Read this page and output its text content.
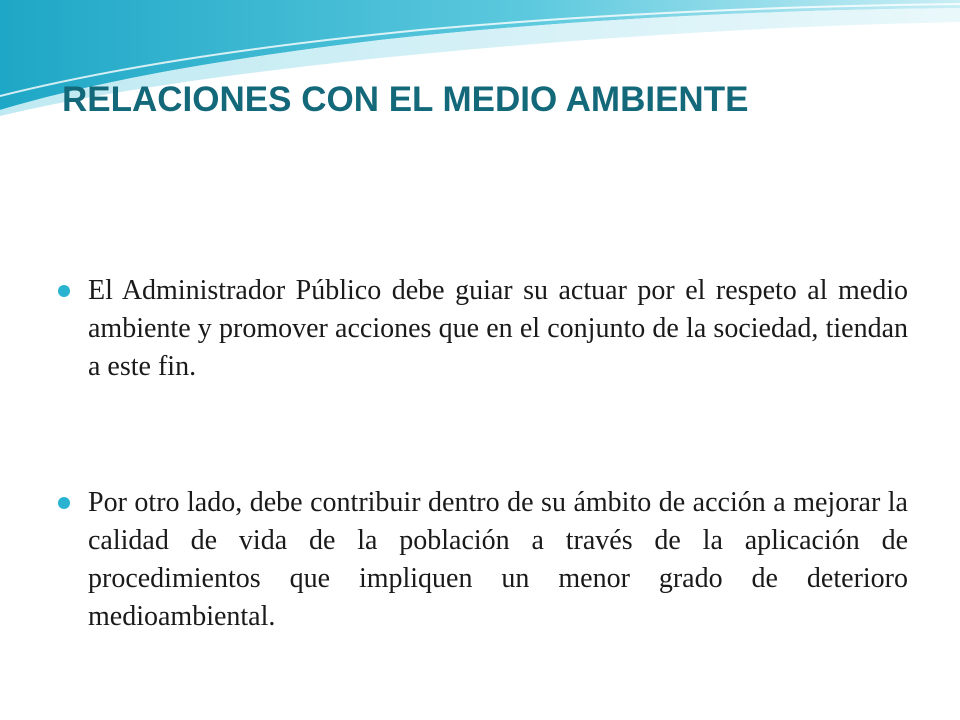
RELACIONES CON EL MEDIO AMBIENTE
El Administrador Público debe guiar su actuar por el respeto al medio ambiente y promover acciones que en el conjunto de la sociedad, tiendan a este fin.
Por otro lado, debe contribuir dentro de su ámbito de acción a mejorar la calidad de vida de la población a través de la aplicación de procedimientos que impliquen un menor grado de deterioro medioambiental.
